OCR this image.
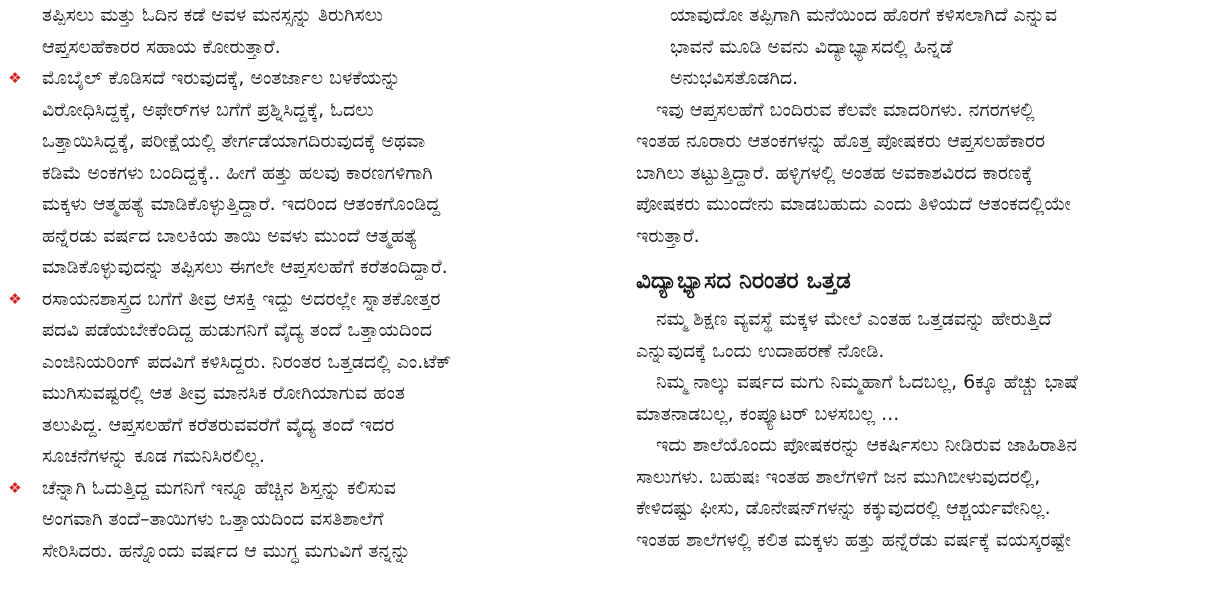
ತಪ್ಪಿಸಲು ಮತ್ತು ಓದಿನ ಕಡೆ ಅವಳ ಮನಸ್ಸನ್ನು ತಿರುಗಿಸಲು
ಆಪ್ತಸಲಹೆಕಾರರ ಸಹಾಯ ಕೋರುತ್ತಾರೆ.
❖ ಮೊಬೈಲ್ ಕೊಡಿಸದೆ ಇರುವುದಕ್ಕೆ, ಅಂತರ್ಜಾಲ ಬಳಕೆಯನ್ನು
ವಿರೋಧಿಸಿದ್ದಕ್ಕೆ, ಅಫೇರ್‌ಗಳ ಬಗೆಗೆ ಪ್ರಶ್ನಿಸಿದ್ದಕ್ಕೆ, ಓದಲು
ಒತ್ತಾಯಿಸಿದ್ದಕ್ಕೆ, ಪರೀಕ್ಷೆಯಲ್ಲಿ ತೇರ್ಗಡೆಯಾಗದಿರುವುದಕ್ಕೆ ಅಥವಾ
ಕಡಿಮೆ ಅಂಕಗಳು ಬಂದಿದ್ದಕ್ಕೆ.. ಹೀಗೆ ಹತ್ತು ಹಲವು ಕಾರಣಗಳಿಗಾಗಿ
ಮಕ್ಕಳು ಆತ್ಮಹತ್ಯೆ ಮಾಡಿಕೊಳ್ಳುತ್ತಿದ್ದಾರೆ. ಇದರಿಂದ ಆತಂಕಗೊಂಡಿದ್ದ
ಹನ್ನೆರಡು ವರ್ಷದ ಬಾಲಕಿಯ ತಾಯಿ ಅವಳು ಮುಂದೆ ಆತ್ಮಹತ್ಯೆ
ಮಾಡಿಕೊಳ್ಳುವುದನ್ನು ತಪ್ಪಿಸಲು ಈಗಲೇ ಆಪ್ತಸಲಹೆಗೆ ಕರೆತಂದಿದ್ದಾರೆ.
❖ ರಸಾಯನಶಾಸ್ತ್ರದ ಬಗೆಗೆ ತೀವ್ರ ಆಸಕ್ತಿ ಇದ್ದು ಅದರಲ್ಲೇ ಸ್ನಾತಕೋತ್ತರ
ಪದವಿ ಪಡೆಯಬೇಕೆಂದಿದ್ದ ಹುಡುಗನಿಗೆ ವೈದ್ಯ ತಂದೆ ಒತ್ತಾಯದಿಂದ
ಎಂಜಿನಿಯರಿಂಗ್ ಪದವಿಗೆ ಕಳಿಸಿದ್ದರು. ನಿರಂತರ ಒತ್ತಡದಲ್ಲಿ ಎಂ.ಟೆಕ್
ಮುಗಿಸುವಷ್ಟರಲ್ಲಿ ಆತ ತೀವ್ರ ಮಾನಸಿಕ ರೋಗಿಯಾಗುವ ಹಂತ
ತಲುಪಿದ್ದ. ಆಪ್ತಸಲಹೆಗೆ ಕರೆತರುವವರೆಗೆ ವೈದ್ಯ ತಂದೆ ಇದರ
ಸೂಚನೆಗಳನ್ನು ಕೂಡ ಗಮನಿಸಿರಲಿಲ್ಲ.
❖ ಚೆನ್ನಾಗಿ ಓದುತ್ತಿದ್ದ ಮಗನಿಗೆ ಇನ್ನೂ ಹೆಚ್ಚಿನ ಶಿಸ್ತನ್ನು ಕಲಿಸುವ
ಅಂಗವಾಗಿ ತಂದೆ–ತಾಯಿಗಳು ಒತ್ತಾಯದಿಂದ ವಸತಿಶಾಲೆಗೆ
ಸೇರಿಸಿದರು. ಹನ್ನೊಂದು ವರ್ಷದ ಆ ಮುಗ್ಧ ಮಗುವಿಗೆ ತನ್ನನ್ನು
ಯಾವುದೋ ತಪ್ಪಿಗಾಗಿ ಮನೆಯಿಂದ ಹೊರಗೆ ಕಳಿಸಲಾಗಿದೆ ಎನ್ನುವ
ಭಾವನೆ ಮೂಡಿ ಅವನು ವಿದ್ಯಾಭ್ಯಾಸದಲ್ಲಿ ಹಿನ್ನಡೆ
ಅನುಭವಿಸತೊಡಗಿದ.
ಇವು ಆಪ್ತಸಲಹೆಗೆ ಬಂದಿರುವ ಕೆಲವೇ ಮಾದರಿಗಳು. ನಗರಗಳಲ್ಲಿ
ಇಂತಹ ನೂರಾರು ಆತಂಕಗಳನ್ನು ಹೊತ್ತ ಪೋಷಕರು ಆಪ್ತಸಲಹೆಕಾರರ
ಬಾಗಿಲು ತಟ್ಟುತ್ತಿದ್ದಾರೆ. ಹಳ್ಳಿಗಳಲ್ಲಿ ಅಂತಹ ಅವಕಾಶವಿರದ ಕಾರಣಕ್ಕೆ
ಪೋಷಕರು ಮುಂದೇನು ಮಾಡಬಹುದು ಎಂದು ತಿಳಿಯದೆ ಆತಂಕದಲ್ಲಿಯೇ
ಇರುತ್ತಾರೆ.
ವಿದ್ಯಾಭ್ಯಾಸದ ನಿರಂತರ ಒತ್ತಡ
ನಮ್ಮ ಶಿಕ್ಷಣ ವ್ಯವಸ್ಥೆ ಮಕ್ಕಳ ಮೇಲೆ ಎಂತಹ ಒತ್ತಡವನ್ನು ಹೇರುತ್ತಿದೆ
ಎನ್ನುವುದಕ್ಕೆ ಒಂದು ಉದಾಹರಣೆ ನೋಡಿ.
ನಿಮ್ಮ ನಾಲ್ಕು ವರ್ಷದ ಮಗು ನಿಮ್ಮಹಾಗೆ ಓದಬಲ್ಲ, 6ಕ್ಕೂ ಹೆಚ್ಚು ಭಾಷೆ
ಮಾತನಾಡಬಲ್ಲ, ಕಂಪ್ಯೂಟರ್ ಬಳಸಬಲ್ಲ ...
ಇದು ಶಾಲೆಯೊಂದು ಪೋಷಕರನ್ನು ಆಕರ್ಷಿಸಲು ನೀಡಿರುವ ಜಾಹಿರಾತಿನ
ಸಾಲುಗಳು. ಬಹುಷಃ ಇಂತಹ ಶಾಲೆಗಳಿಗೆ ಜನ ಮುಗಿಬೀಳುವುದರಲ್ಲಿ,
ಕೇಳಿದಷ್ಟು ಫೀಸು, ಡೊನೇಷನ್‌ಗಳನ್ನು ಕಕ್ಕುವುದರಲ್ಲಿ ಆಶ್ಚರ್ಯವೇನಿಲ್ಲ.
ಇಂತಹ ಶಾಲೆಗಳಲ್ಲಿ ಕಲಿತ ಮಕ್ಕಳು ಹತ್ತು ಹನ್ನೆರೆಡು ವರ್ಷಕ್ಕೆ ವಯಸ್ಕರಷ್ಟೇ
